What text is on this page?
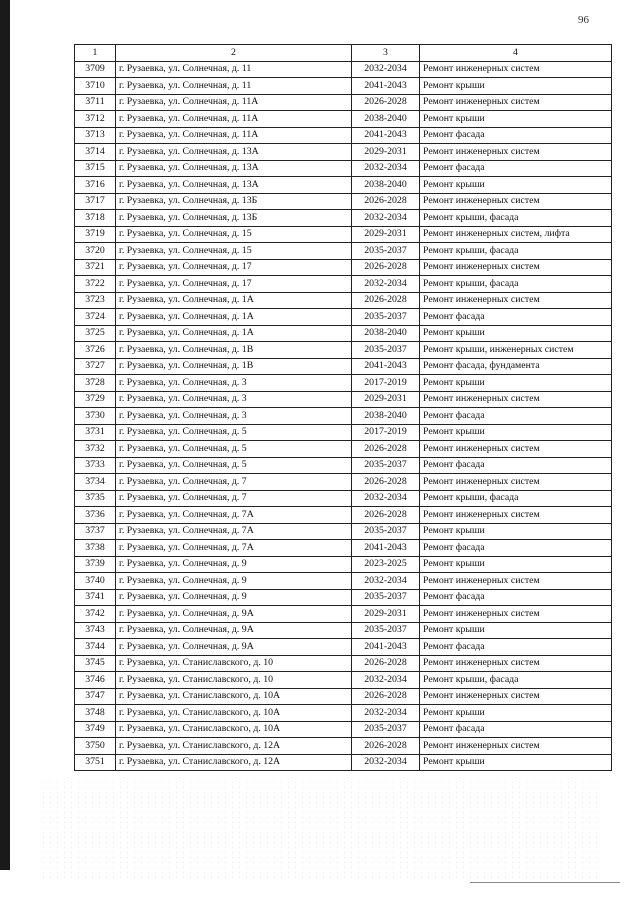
96
1	2	3	4
3709	г. Рузаевка, ул. Солнечная, д. 11	2032-2034	Ремонт инженерных систем
3710	г. Рузаевка, ул. Солнечная, д. 11	2041-2043	Ремонт крыши
3711	г. Рузаевка, ул. Солнечная, д. 11А	2026-2028	Ремонт инженерных систем
3712	г. Рузаевка, ул. Солнечная, д. 11А	2038-2040	Ремонт крыши
3713	г. Рузаевка, ул. Солнечная, д. 11А	2041-2043	Ремонт фасада
3714	г. Рузаевка, ул. Солнечная, д. 13А	2029-2031	Ремонт инженерных систем
3715	г. Рузаевка, ул. Солнечная, д. 13А	2032-2034	Ремонт фасада
3716	г. Рузаевка, ул. Солнечная, д. 13А	2038-2040	Ремонт крыши
3717	г. Рузаевка, ул. Солнечная, д. 13Б	2026-2028	Ремонт инженерных систем
3718	г. Рузаевка, ул. Солнечная, д. 13Б	2032-2034	Ремонт крыши, фасада
3719	г. Рузаевка, ул. Солнечная, д. 15	2029-2031	Ремонт инженерных систем, лифта
3720	г. Рузаевка, ул. Солнечная, д. 15	2035-2037	Ремонт крыши, фасада
3721	г. Рузаевка, ул. Солнечная, д. 17	2026-2028	Ремонт инженерных систем
3722	г. Рузаевка, ул. Солнечная, д. 17	2032-2034	Ремонт крыши, фасада
3723	г. Рузаевка, ул. Солнечная, д. 1А	2026-2028	Ремонт инженерных систем
3724	г. Рузаевка, ул. Солнечная, д. 1А	2035-2037	Ремонт фасада
3725	г. Рузаевка, ул. Солнечная, д. 1А	2038-2040	Ремонт крыши
3726	г. Рузаевка, ул. Солнечная, д. 1В	2035-2037	Ремонт крыши, инженерных систем
3727	г. Рузаевка, ул. Солнечная, д. 1В	2041-2043	Ремонт фасада, фундамента
3728	г. Рузаевка, ул. Солнечная, д. 3	2017-2019	Ремонт крыши
3729	г. Рузаевка, ул. Солнечная, д. 3	2029-2031	Ремонт инженерных систем
3730	г. Рузаевка, ул. Солнечная, д. 3	2038-2040	Ремонт фасада
3731	г. Рузаевка, ул. Солнечная, д. 5	2017-2019	Ремонт крыши
3732	г. Рузаевка, ул. Солнечная, д. 5	2026-2028	Ремонт инженерных систем
3733	г. Рузаевка, ул. Солнечная, д. 5	2035-2037	Ремонт фасада
3734	г. Рузаевка, ул. Солнечная, д. 7	2026-2028	Ремонт инженерных систем
3735	г. Рузаевка, ул. Солнечная, д. 7	2032-2034	Ремонт крыши, фасада
3736	г. Рузаевка, ул. Солнечная, д. 7А	2026-2028	Ремонт инженерных систем
3737	г. Рузаевка, ул. Солнечная, д. 7А	2035-2037	Ремонт крыши
3738	г. Рузаевка, ул. Солнечная, д. 7А	2041-2043	Ремонт фасада
3739	г. Рузаевка, ул. Солнечная, д. 9	2023-2025	Ремонт крыши
3740	г. Рузаевка, ул. Солнечная, д. 9	2032-2034	Ремонт инженерных систем
3741	г. Рузаевка, ул. Солнечная, д. 9	2035-2037	Ремонт фасада
3742	г. Рузаевка, ул. Солнечная, д. 9А	2029-2031	Ремонт инженерных систем
3743	г. Рузаевка, ул. Солнечная, д. 9А	2035-2037	Ремонт крыши
3744	г. Рузаевка, ул. Солнечная, д. 9А	2041-2043	Ремонт фасада
3745	г. Рузаевка, ул. Станиславского, д. 10	2026-2028	Ремонт инженерных систем
3746	г. Рузаевка, ул. Станиславского, д. 10	2032-2034	Ремонт крыши, фасада
3747	г. Рузаевка, ул. Станиславского, д. 10А	2026-2028	Ремонт инженерных систем
3748	г. Рузаевка, ул. Станиславского, д. 10А	2032-2034	Ремонт крыши
3749	г. Рузаевка, ул. Станиславского, д. 10А	2035-2037	Ремонт фасада
3750	г. Рузаевка, ул. Станиславского, д. 12А	2026-2028	Ремонт инженерных систем
3751	г. Рузаевка, ул. Станиславского, д. 12А	2032-2034	Ремонт крыши
